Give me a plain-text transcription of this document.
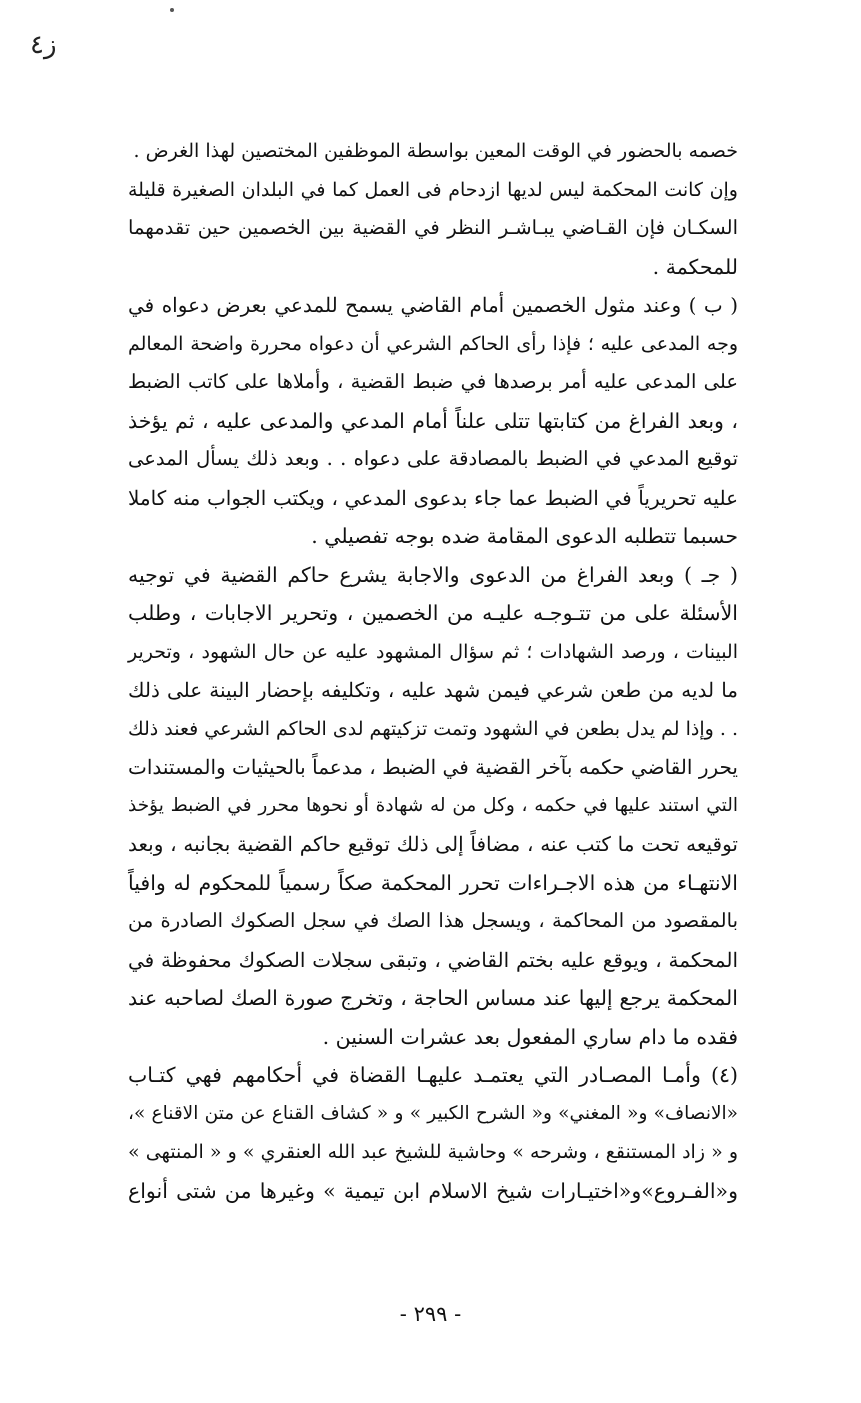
ز٤
خصمه بالحضور في الوقت المعين بواسطة الموظفين المختصين لهذا الغرض .
وإن كانت المحكمة ليس لديها ازدحام فى العمل كما في البلدان الصغيرة قليلة
السكـان فإن القـاضي يبـاشـر النظر في القضية بين الخصمين حين تقدمهما
للمحكمة .
( ب ) وعند مثول الخصمين أمام القاضي يسمح للمدعي بعرض دعواه في
وجه المدعى عليه ؛ فإذا رأى الحاكم الشرعي أن دعواه محررة واضحة المعالم
على المدعى عليه أمر برصدها في ضبط القضية ، وأملاها على كاتب الضبط
، وبعد الفراغ من كتابتها تتلى علناً أمام المدعي والمدعى عليه ، ثم يؤخذ
توقيع المدعي في الضبط بالمصادقة على دعواه . . وبعد ذلك يسأل المدعى
عليه تحريرياً في الضبط عما جاء بدعوى المدعي ، ويكتب الجواب منه كاملا
حسبما تتطلبه الدعوى المقامة ضده بوجه تفصيلي .
( جـ ) وبعد الفراغ من الدعوى والاجابة يشرع حاكم القضية في توجيه
الأسئلة على من تتـوجـه عليـه من الخصمين ، وتحرير الاجابات ، وطلب
البينات ، ورصد الشهادات ؛ ثم سؤال المشهود عليه عن حال الشهود ، وتحرير
ما لديه من طعن شرعي فيمن شهد عليه ، وتكليفه بإحضار البينة على ذلك
. . وإذا لم يدل بطعن في الشهود وتمت تزكيتهم لدى الحاكم الشرعي فعند ذلك
يحرر القاضي حكمه بآخر القضية في الضبط ، مدعماً بالحيثيات والمستندات
التي استند عليها في حكمه ، وكل من له شهادة أو نحوها محرر في الضبط يؤخذ
توقيعه تحت ما كتب عنه ، مضافاً إلى ذلك توقيع حاكم القضية بجانبه ، وبعد
الانتهـاء من هذه الاجـراءات تحرر المحكمة صكاً رسمياً للمحكوم له وافياً
بالمقصود من المحاكمة ، ويسجل هذا الصك في سجل الصكوك الصادرة من
المحكمة ، ويوقع عليه بختم القاضي ، وتبقى سجلات الصكوك محفوظة في
المحكمة يرجع إليها عند مساس الحاجة ، وتخرج صورة الصك لصاحبه عند
فقده ما دام ساري المفعول بعد عشرات السنين .
(٤) وأمـا المصـادر التي يعتمـد عليهـا القضاة في أحكامهم فهي كتـاب
«الانصاف» و« المغني» و« الشرح الكبير » و « كشاف القناع عن متن الاقناع »،
و « زاد المستنقع ، وشرحه » وحاشية للشيخ عبد الله العنقري » و « المنتهى »
و«الفـروع»و«اختيـارات شيخ الاسلام ابن تيمية » وغيرها من شتى أنواع
- ٢٩٩ -
